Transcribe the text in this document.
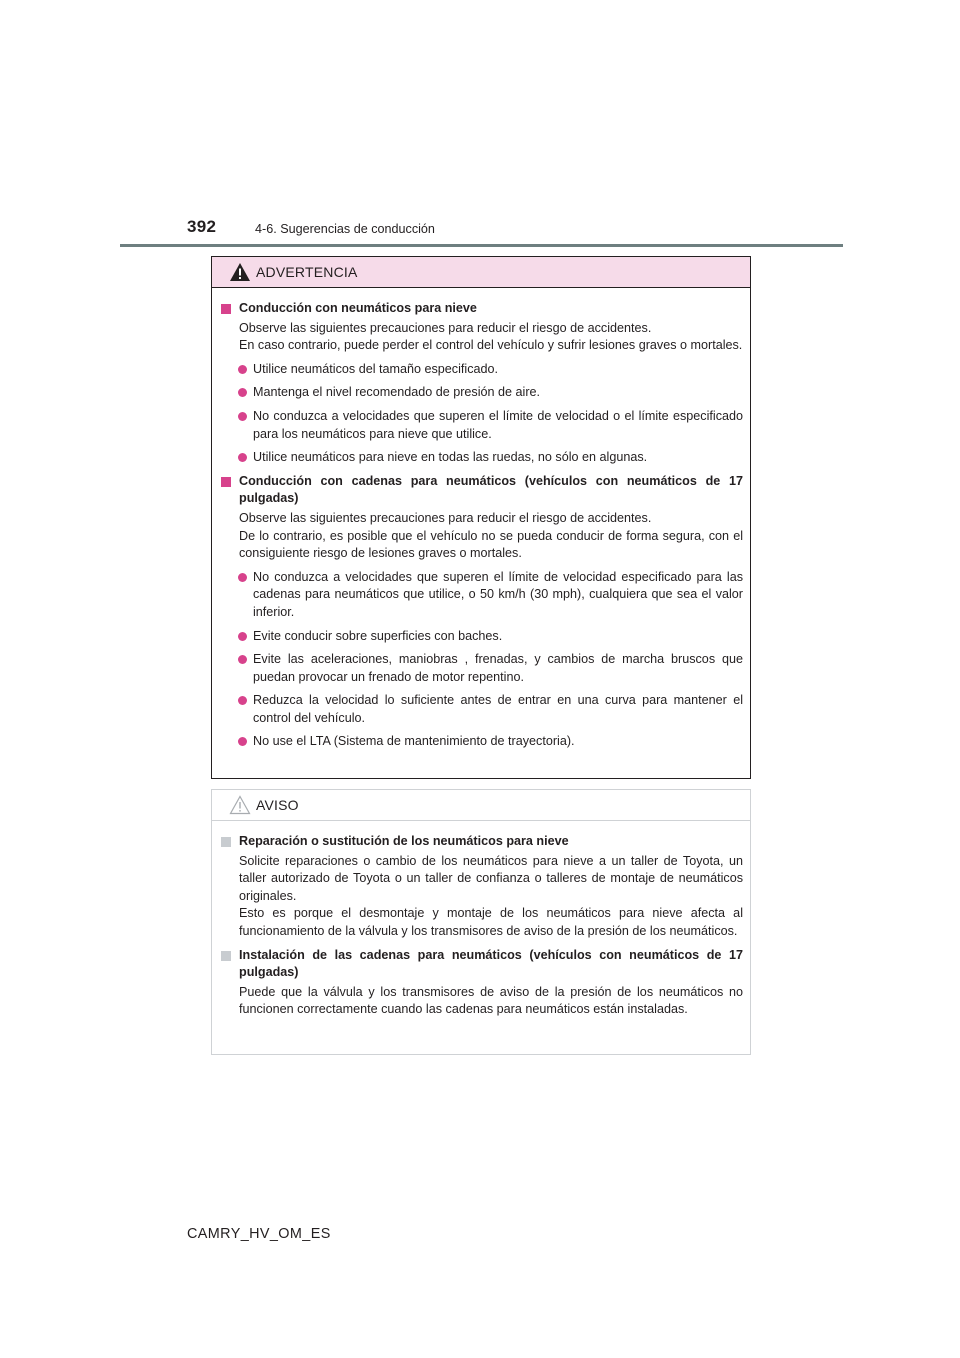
392	4-6. Sugerencias de conducción
ADVERTENCIA
Conducción con neumáticos para nieve
Observe las siguientes precauciones para reducir el riesgo de accidentes.
En caso contrario, puede perder el control del vehículo y sufrir lesiones graves o mortales.
Utilice neumáticos del tamaño especificado.
Mantenga el nivel recomendado de presión de aire.
No conduzca a velocidades que superen el límite de velocidad o el límite especificado para los neumáticos para nieve que utilice.
Utilice neumáticos para nieve en todas las ruedas, no sólo en algunas.
Conducción con cadenas para neumáticos (vehículos con neumáticos de 17 pulgadas)
Observe las siguientes precauciones para reducir el riesgo de accidentes.
De lo contrario, es posible que el vehículo no se pueda conducir de forma segura, con el consiguiente riesgo de lesiones graves o mortales.
No conduzca a velocidades que superen el límite de velocidad especificado para las cadenas para neumáticos que utilice, o 50 km/h (30 mph), cualquiera que sea el valor inferior.
Evite conducir sobre superficies con baches.
Evite las aceleraciones, maniobras , frenadas, y cambios de marcha bruscos que puedan provocar un frenado de motor repentino.
Reduzca la velocidad lo suficiente antes de entrar en una curva para mantener el control del vehículo.
No use el LTA (Sistema de mantenimiento de trayectoria).
AVISO
Reparación o sustitución de los neumáticos para nieve
Solicite reparaciones o cambio de los neumáticos para nieve a un taller de Toyota, un taller autorizado de Toyota o un taller de confianza o talleres de montaje de neumáticos originales.
Esto es porque el desmontaje y montaje de los neumáticos para nieve afecta al funcionamiento de la válvula y los transmisores de aviso de la presión de los neumáticos.
Instalación de las cadenas para neumáticos (vehículos con neumáticos de 17 pulgadas)
Puede que la válvula y los transmisores de aviso de la presión de los neumáticos no funcionen correctamente cuando las cadenas para neumáticos están instaladas.
CAMRY_HV_OM_ES
